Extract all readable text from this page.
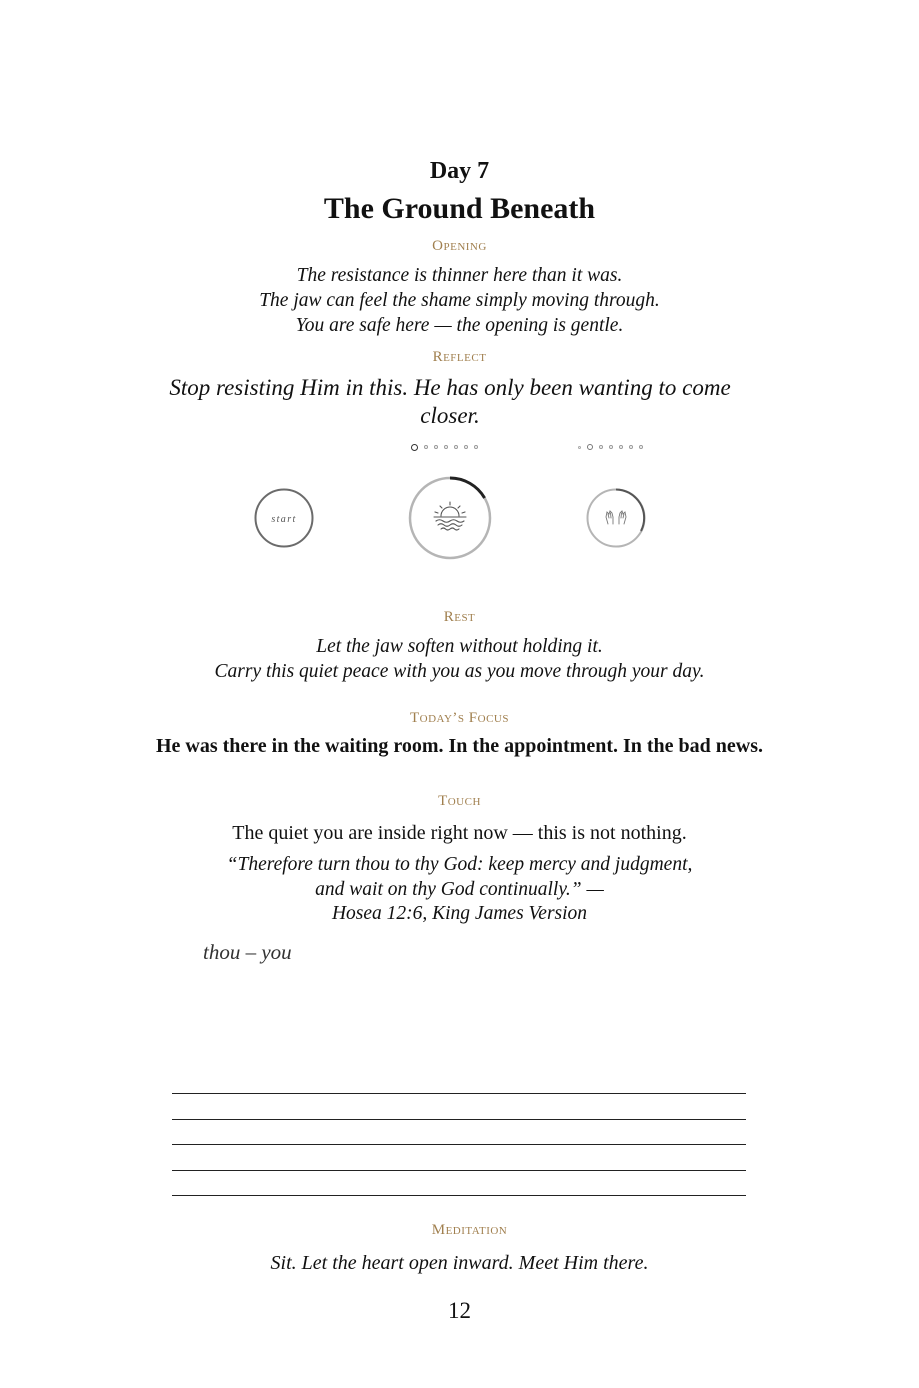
Day 7
The Ground Beneath
Opening
The resistance is thinner here than it was.
The jaw can feel the shame simply moving through.
You are safe here — the opening is gentle.
Reflect
Stop resisting Him in this. He has only been wanting to come closer.
start
Rest
Let the jaw soften without holding it.
Carry this quiet peace with you as you move through your day.
Today’s Focus
He was there in the waiting room. In the appointment. In the bad news.
Touch
The quiet you are inside right now — this is not nothing.
“Therefore turn thou to thy God: keep mercy and judgment,
and wait on thy God continually.” —
Hosea 12:6, King James Version
thou – you
Meditation
Sit. Let the heart open inward. Meet Him there.
12
